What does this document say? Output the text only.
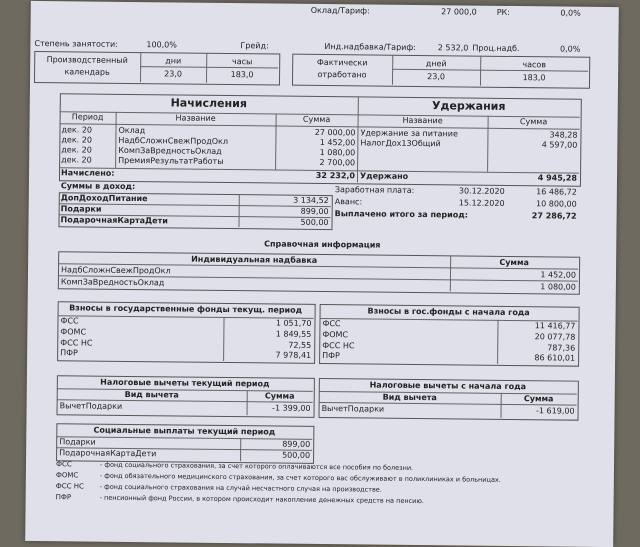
Оклад/Тариф:	27 000,0 РК:	0,0%
Степень занятости:	100,0%	Грейд:	Инд.надбавка/Тариф:	2 532,0 Проц.надб.	0,0%
Производственный
календарь
дни	часы
23,0	183,0
Фактически
отработано
дней	часов
23,0	183,0
Начисления	Удержания
Период	Название	Сумма	Название	Сумма
дек. 20	Оклад	27 000,00
дек. 20	НадбСложнСвежПродОкл	1 452,00
дек. 20	КомпЗаВредностьОклад	1 080,00
дек. 20	ПремияРезультатРаботы	2 700,00
Удержание за питание	348,28
НалогДох13Общий	4 597,00
Начислено:	32 232,0 Удержано	4 945,28
Суммы в доход:
ДопДоходПитание	3 134,52
Подарки	899,00
ПодарочнаяКартаДети	500,00
Заработная плата:	30.12.2020	16 486,72
Аванс:	15.12.2020	10 800,00
Выплачено итого за период:	27 286,72
Справочная информация
Индивидуальная надбавка	Сумма
НадбСложнСвежПродОкл	1 452,00
КомпЗаВредностьОклад	1 080,00
Взносы в государственные фонды текущ. период
ФСС	1 051,70
ФОМС	1 849,55
ФСС НС	72,55
ПФР	7 978,41
Взносы в гос.фонды с начала года
ФСС	11 416,77
ФОМС	20 077,78
ФСС НС	787,36
ПФР	86 610,01
Налоговые вычеты текущий период
Вид вычета	Сумма
ВычетПодарки	-1 399,00
Налоговые вычеты с начала года
Вид вычета	Сумма
ВычетПодарки	-1 619,00
Социальные выплаты текущий период
Подарки	899,00
ПодарочнаяКартаДети	500,00
ФСС	- фонд социального страхования, за счет которого оплачиваются все пособия по болезни.
ФОМС	- фонд обязательного медицинского страхования, за счет которого вас обслуживают в поликлиниках и больницах.
ФСС НС - фонд социального страхования на случай несчастного случая на производстве.
ПФР	- пенсионный фонд России, в котором происходит накопление денежных средств на пенсию.
